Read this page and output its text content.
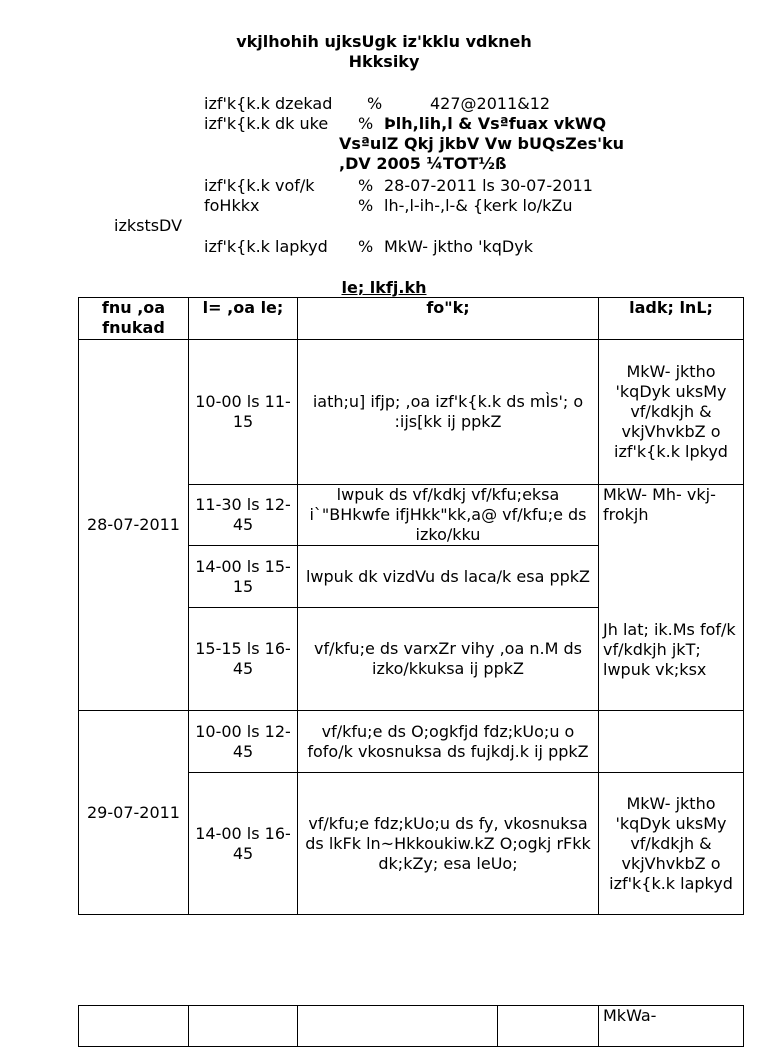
vkjlhohih ujksUgk iz'kklu vdkneh
Hkksiky
izf'k{k.k dzekad %	427@2011&12
izf'k{k.k dk uke % Þlh,lih,l & Vsªfuax vkWQ
VsªulZ Qkj jkbV Vw bUQsZes'ku
,DV 2005 ¼TOT½ß
izf'k{k.k vof/k	% 28-07-2011 ls 30-07-2011
foHkkx	% lh-,l-ih-,l-& {kerk lo/kZu
izkstsDV
izf'k{k.k lapkyd % MkW- jktho 'kqDyk
le; lkfj.kh
fnu ,oa fnukad	l= ,oa le;	fo"k;	ladk; lnL;
28-07-2011	10-00 ls 11-15	iath;u] ifjp; ,oa izf'k{k.k ds mÌs'; o :ijs[kk ij ppkZ	MkW- jktho 'kqDyk uksMy vf/kdkjh & vkjVhvkbZ o izf'k{k.k lpkyd
	11-30 ls 12-45	lwpuk ds vf/kdkj vf/kfu;eksa i`"BHkwfe ifjHkk"kk,a@ vf/kfu;e ds izko/kku	MkW- Mh- vkj- frokjh
Jh lat; ik.Ms fof/k vf/kdkjh jkT; lwpuk vk;ksx

	14-00 ls 15-15	lwpuk dk vizdVu ds laca/k esa ppkZ	
	15-15 ls 16-45	vf/kfu;e ds varxZr vihy ,oa n.M ds izko/kkuksa ij ppkZ	
29-07-2011	10-00 ls 12-45	vf/kfu;e ds O;ogkfjd fdz;kUo;u o fofo/k vkosnuksa ds fujkdj.k ij ppkZ	
	14-00 ls 16-45	vf/kfu;e fdz;kUo;u ds fy, vkosnuksa ds lkFk ln~Hkkoukiw.kZ O;ogkj rFkk dk;kZy; esa leUo;	MkW- jktho 'kqDyk uksMy vf/kdkjh & vkjVhvkbZ o izf'k{k.k lapkyd
				MkWa-
